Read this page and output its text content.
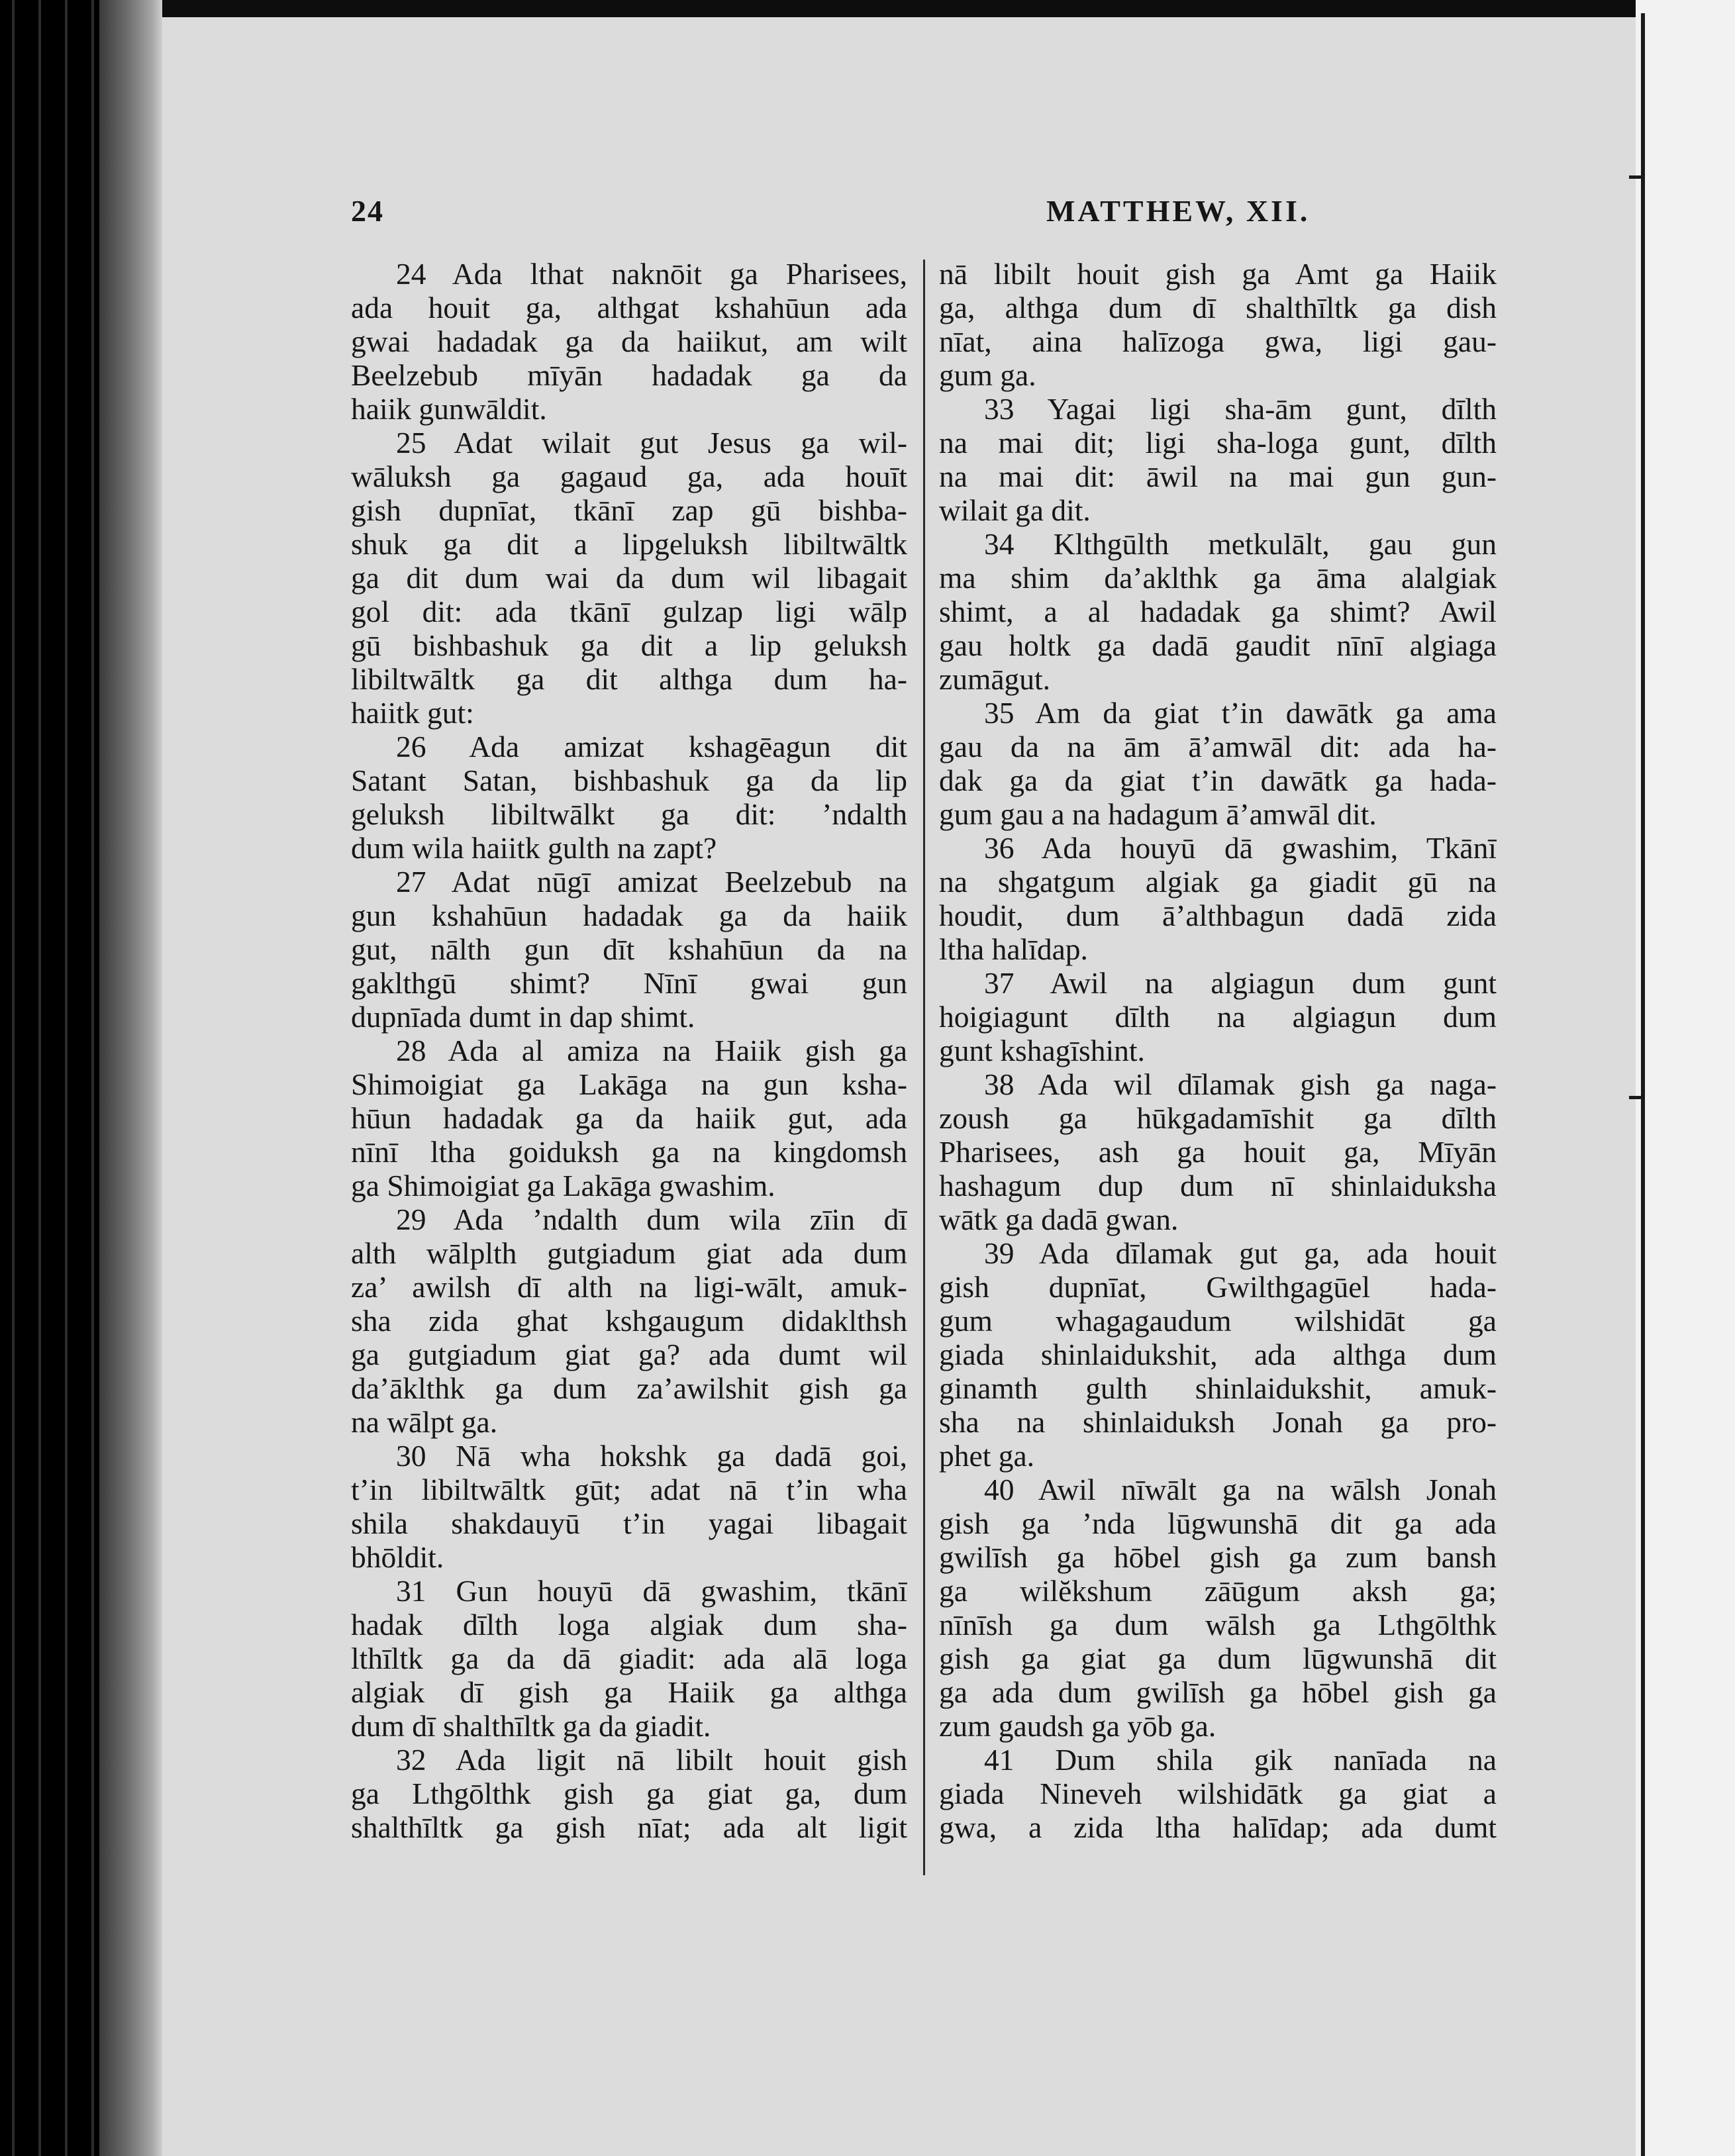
24	MATTHEW, XII.
24 Ada lthat naknōit ga Pharisees,
ada houit ga, althgat kshahūun ada
gwai hadadak ga da haiikut, am wilt
Beelzebub mīyān hadadak ga da
haiik gunwāldit.
25 Adat wilait gut Jesus ga wil-
wāluksh ga gagaud ga, ada houīt
gish dupnīat, tkānī zap gū bishba-
shuk ga dit a lipgeluksh libiltwāltk
ga dit dum wai da dum wil libagait
gol dit: ada tkānī gulzap ligi wālp
gū bishbashuk ga dit a lip geluksh
libiltwāltk ga dit althga dum ha-
haiitk gut:
26 Ada amizat kshagēagun dit
Satant Satan, bishbashuk ga da lip
geluksh libiltwālkt ga dit: ’ndalth
dum wila haiitk gulth na zapt?
27 Adat nūgī amizat Beelzebub na
gun kshahūun hadadak ga da haiik
gut, nālth gun dīt kshahūun da na
gaklthgū shimt? Nīnī gwai gun
dupnīada dumt in dap shimt.
28 Ada al amiza na Haiik gish ga
Shimoigiat ga Lakāga na gun ksha-
hūun hadadak ga da haiik gut, ada
nīnī ltha goiduksh ga na kingdomsh
ga Shimoigiat ga Lakāga gwashim.
29 Ada ’ndalth dum wila zīin dī
alth wālplth gutgiadum giat ada dum
za’ awilsh dī alth na ligi-wālt, amuk-
sha zida ghat kshgaugum didaklthsh
ga gutgiadum giat ga? ada dumt wil
da’āklthk ga dum za’awilshit gish ga
na wālpt ga.
30 Nā wha hokshk ga dadā goi,
t’in libiltwāltk gūt; adat nā t’in wha
shila shakdauyū t’in yagai libagait
bhōldit.
31 Gun houyū dā gwashim, tkānī
hadak dīlth loga algiak dum sha-
lthīltk ga da dā giadit: ada alā loga
algiak dī gish ga Haiik ga althga
dum dī shalthīltk ga da giadit.
32 Ada ligit nā libilt houit gish
ga Lthgōlthk gish ga giat ga, dum
shalthīltk ga gish nīat; ada alt ligit
nā libilt houit gish ga Amt ga Haiik
ga, althga dum dī shalthīltk ga dish
nīat, aina halīzoga gwa, ligi gau-
gum ga.
33 Yagai ligi sha-ām gunt, dīlth
na mai dit; ligi sha-loga gunt, dīlth
na mai dit: āwil na mai gun gun-
wilait ga dit.
34 Klthgūlth metkulālt, gau gun
ma shim da’aklthk ga āma alalgiak
shimt, a al hadadak ga shimt? Awil
gau holtk ga dadā gaudit nīnī algiaga
zumāgut.
35 Am da giat t’in dawātk ga ama
gau da na ām ā’amwāl dit: ada ha-
dak ga da giat t’in dawātk ga hada-
gum gau a na hadagum ā’amwāl dit.
36 Ada houyū dā gwashim, Tkānī
na shgatgum algiak ga giadit gū na
houdit, dum ā’althbagun dadā zida
ltha halīdap.
37 Awil na algiagun dum gunt
hoigiagunt dīlth na algiagun dum
gunt kshagīshint.
38 Ada wil dīlamak gish ga naga-
zoush ga hūkgadamīshit ga dīlth
Pharisees, ash ga houit ga, Mīyān
hashagum dup dum nī shinlaiduksha
wātk ga dadā gwan.
39 Ada dīlamak gut ga, ada houit
gish dupnīat, Gwilthgagūel hada-
gum whagagaudum wilshidāt ga
giada shinlaidukshit, ada althga dum
ginamth gulth shinlaidukshit, amuk-
sha na shinlaiduksh Jonah ga pro-
phet ga.
40 Awil nīwālt ga na wālsh Jonah
gish ga ’nda lūgwunshā dit ga ada
gwilīsh ga hōbel gish ga zum bansh
ga wilĕkshum zāūgum aksh ga;
nīnīsh ga dum wālsh ga Lthgōlthk
gish ga giat ga dum lūgwunshā dit
ga ada dum gwilīsh ga hōbel gish ga
zum gaudsh ga yōb ga.
41 Dum shila gik nanīada na
giada Nineveh wilshidātk ga giat a
gwa, a zida ltha halīdap; ada dumt
